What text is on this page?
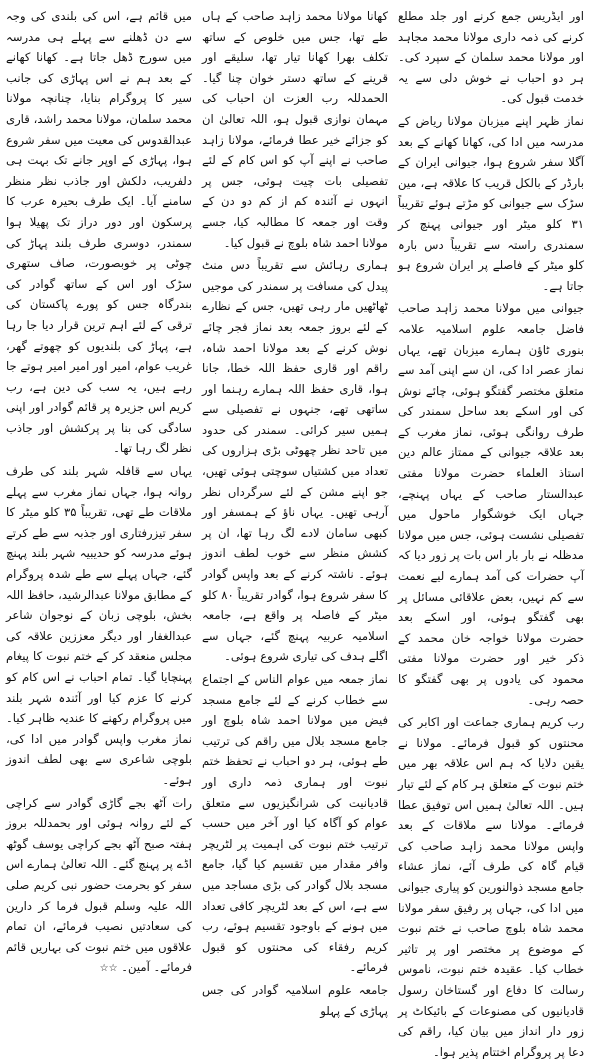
اور ایڈریس جمع کرنے اور جلد مطلع کرنے کی ذمہ داری مولانا محمد مجاہد اور مولانا محمد سلمان کے سپرد کی۔ ہر دو احباب نے خوش دلی سے یہ خدمت قبول کی۔

نماز ظہر اپنے میزبان مولانا ریاض کے مدرسہ میں ادا کی، کھانا کھانے کے بعد آگلا سفر شروع ہوا، جیوانی ایران کے بارڈر کے بالکل قریب کا علاقہ ہے، مین سڑک سے جیوانی کو مڑتے ہوئے تقریباً ۳۱ کلو میٹر اور جیوانی پہنچ کر سمندری راستہ سے تقریباً دس بارہ کلو میٹر کے فاصلے پر ایران شروع ہو جاتا ہے۔

جیوانی میں مولانا محمد زاہد صاحب فاضل جامعہ علوم اسلامیہ علامہ بنوری ٹاؤن ہمارے میزبان تھے، یہاں نماز عصر ادا کی، ان سے اپنی آمد سے متعلق مختصر گفتگو ہوئی، چائے نوش کی اور اسکے بعد ساحل سمندر کی طرف روانگی ہوئی، نماز مغرب کے بعد علاقہ جیوانی کے ممتاز عالم دین استاذ العلماء حضرت مولانا مفتی عبدالستار صاحب کے یہاں پہنچے، جہاں ایک خوشگوار ماحول میں تفصیلی نشست ہوئی، جس میں مولانا مدظلہ نے بار بار اس بات پر زور دیا کہ آپ حضرات کی آمد ہمارے لیے نعمت سے کم نہیں، بعض علاقائی مسائل پر بھی گفتگو ہوئی، اور اسکے بعد حضرت مولانا خواجہ خان محمد کے ذکر خیر اور حضرت مولانا مفتی محمود کی یادوں پر بھی گفتگو کا حصہ رہی۔

رب کریم ہماری جماعت اور اکابر کی محنتوں کو قبول فرمائے۔ مولانا نے یقین دلایا کہ ہم اس علاقہ بھر میں ختم نبوت کے متعلق ہر کام کے لئے تیار ہیں۔ اللہ تعالیٰ ہمیں اس توفیق عطا فرمائے۔ مولانا سے ملاقات کے بعد واپس مولانا محمد زاہد صاحب کی قیام گاہ کی طرف آئے، نماز عشاء جامع مسجد ذوالنورین کو پیاری جیوانی میں ادا کی، جہاں پر رفیق سفر مولانا محمد شاہ بلوچ صاحب نے ختم نبوت کے موضوع پر مختصر اور پر تاثیر خطاب کیا۔ عقیدہ ختم نبوت، ناموس رسالت کا دفاع اور گستاخان رسول قادیانیوں کی مصنوعات کے بائیکاٹ پر زور دار انداز میں بیان کیا، راقم کی دعا پر پروگرام اختتام پذیر ہوا۔

کھانا مولانا محمد زاہد صاحب کے ہاں طے تھا، جس میں خلوص کے ساتھ تکلف بھرا کھانا تیار تھا، سلیقے اور قرینے کے ساتھ دستر خوان چنا گیا۔ الحمدللہ رب العزت ان احباب کی مہمان نوازی قبول ہو، اللہ تعالیٰ ان کو جزائے خیر عطا فرمائے، مولانا زاہد صاحب نے اپنے آپ کو اس کام کے لئے تفصیلی بات چیت ہوئی، جس پر انہوں نے آئندہ کم از کم دو دن کے وقت اور جمعہ کا مطالبہ کیا، جسے مولانا احمد شاہ بلوچ نے قبول کیا۔

ہماری رہائش سے تقریباً دس منٹ پیدل کی مسافت پر سمندر کی موجیں ٹھاٹھیں مار رہی تھیں، جس کے نظارے کے لئے بروز جمعہ بعد نماز فجر چائے نوش کرنے کے بعد مولانا احمد شاہ، راقم اور قاری حفظ اللہ خطا، جانا ہوا، قاری حفظ اللہ ہمارے رہنما اور ساتھی تھے، جنہوں نے تفصیلی سے ہمیں سیر کرائی۔ سمندر کی حدود میں تاحد نظر چھوٹی بڑی ہزاروں کی تعداد میں کشتیاں سوچتی ہوئی تھیں، جو اپنے مشن کے لئے سرگرداں نظر آرہی تھیں۔ یہاں ناؤ کے ہمسفر اور کبھی سامان لادے لگ رہا تھا، ان پر کشش منظر سے خوب لطف اندوز ہوئے۔ ناشتہ کرنے کے بعد واپس گوادر کا سفر شروع ہوا، گوادر تقریباً ۸۰ کلو میٹر کے فاصلہ پر واقع ہے، جامعہ اسلامیہ عربیہ پہنچ گئے، جہاں سے اگلے ہدف کی تیاری شروع ہوئی۔

نماز جمعہ میں عوام الناس کے اجتماع سے خطاب کرنے کے لئے جامع مسجد فیض میں مولانا احمد شاہ بلوچ اور جامع مسجد بلال میں راقم کی ترتیب طے ہوئی، ہر دو احباب نے تحفظ ختم نبوت اور ہماری ذمہ داری اور قادیانیت کی شرانگیزیوں سے متعلق عوام کو آگاہ کیا اور آخر میں حسب ترتیب ختم نبوت کی اہمیت پر لٹریچر وافر مقدار میں تقسیم کیا گیا، جامع مسجد بلال گوادر کی بڑی مساجد میں سے ہے، اس کے بعد لٹریچر کافی تعداد میں ہونے کے باوجود تقسیم ہوئے، رب کریم رفقاء کی محنتوں کو قبول فرمائے۔

جامعہ علوم اسلامیہ گوادر کی جس پہاڑی کے پہلو

میں قائم ہے، اس کی بلندی کی وجہ سے دن ڈھلنے سے پہلے ہی مدرسہ میں سورج ڈھل جاتا ہے۔ کھانا کھانے کے بعد ہم نے اس پہاڑی کی جانب سیر کا پروگرام بنایا، چنانچہ مولانا محمد سلمان، مولانا محمد راشد، قاری عبدالقدوس کی معیت میں سفر شروع ہوا، پہاڑی کے اوپر جانے تک بہت ہی دلفریب، دلکش اور جاذب نظر منظر سامنے آیا۔ ایک طرف بحیرہ عرب کا پرسکون اور دور دراز تک پھیلا ہوا سمندر، دوسری طرف بلند پہاڑ کی چوٹی پر خوبصورت، صاف ستھری سڑک اور اس کے ساتھ گوادر کی بندرگاہ جس کو پورے پاکستان کی ترقی کے لئے اہم ترین قرار دیا جا رہا ہے، پہاڑ کی بلندیوں کو چھوتے گھر، غریب عوام، امیر اور امیر امیر ہوتے جا رہے ہیں، یہ سب کی دین ہے، رب کریم اس جزیرہ پر قائم گوادر اور اپنی سادگی کی بنا پر پرکشش اور جاذب نظر لگ رہا تھا۔

یہاں سے قافلہ شہر بلند کی طرف روانہ ہوا، جہاں نماز مغرب سے پہلے ملاقات طے تھی، تقریباً ۳۵ کلو میٹر کا سفر تیزرفتاری اور جذبہ سے طے کرتے ہوئے مدرسہ کو حدیبیہ شہر بلند پہنچ گئے، جہاں پہلے سے طے شدہ پروگرام کے مطابق مولانا عبدالرشید، حافظ اللہ بخش، بلوچی زبان کے نوجوان شاعر عبدالغفار اور دیگر معززین علاقہ کی مجلس منعقد کر کے ختم نبوت کا پیغام پہنچایا گیا۔ تمام احباب نے اس کام کو کرنے کا عزم کیا اور آئندہ شہر بلند میں پروگرام رکھنے کا عندیہ ظاہر کیا۔ نماز مغرب واپس گوادر میں ادا کی، بلوچی شاعری سے بھی لطف اندوز ہوئے۔

رات آٹھ بجے گاڑی گوادر سے کراچی کے لئے روانہ ہوئی اور بحمدللہ بروز ہفتہ صبح آٹھ بجے کراچی یوسف گوٹھ اڈے پر پہنچ گئے۔ اللہ تعالیٰ ہمارے اس سفر کو بحرمت حضور نبی کریم صلی اللہ علیہ وسلم قبول فرما کر دارین کی سعادتیں نصیب فرمائے، ان تمام علاقوں میں ختم نبوت کی بہاریں قائم فرمائے۔ آمین۔ ☆☆
